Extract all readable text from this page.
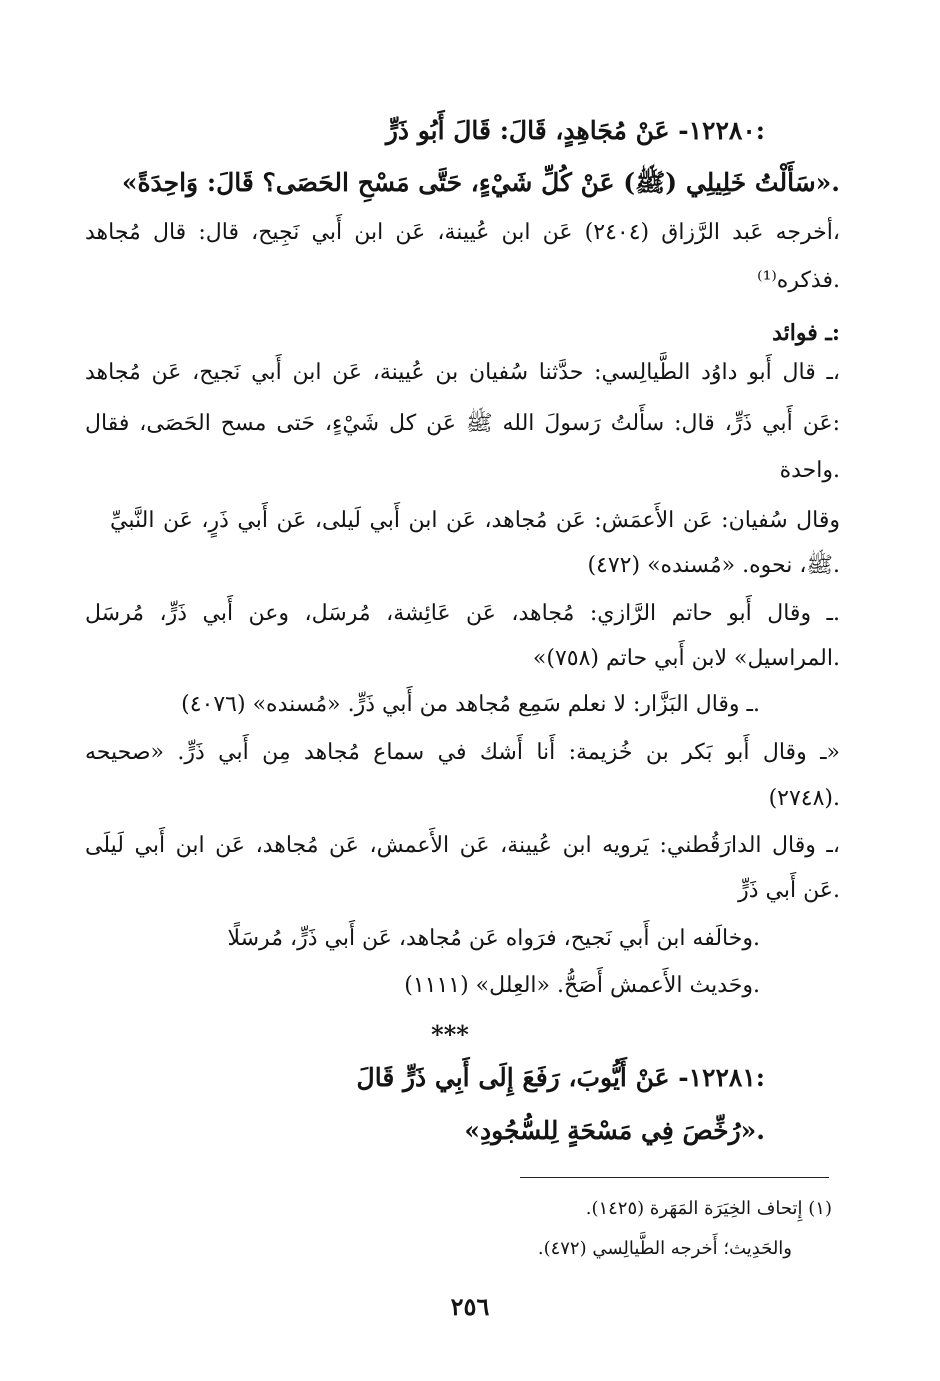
١٢٢٨٠- عَنْ مُجَاهِدٍ، قَالَ: قَالَ أَبُو ذَرٍّ:
«سَأَلْتُ خَلِيلِي (ﷺ) عَنْ كُلِّ شَيْءٍ، حَتَّى مَسْحِ الحَصَى؟ قَالَ: وَاحِدَةً».
أخرجه عَبد الرَّزاق (٢٤٠٤) عَن ابن عُيينة، عَن ابن أَبي نَجِيح، قال: قال مُجاهد،
فذكره⁽¹⁾.
ـ فوائد:
ـ قال أَبو داوُد الطَّيالِسي: حدَّثنا سُفيان بن عُيينة، عَن ابن أَبي نَجيح، عَن مُجاهد،
عَن أَبي ذَرٍّ، قال: سأَلتُ رَسولَ الله ﷺ عَن كل شَيْءٍ، حَتى مسح الحَصَى، فقال:
واحدة.
وقال سُفيان: عَن الأَعمَش: عَن مُجاهد، عَن ابن أَبي لَيلى، عَن أَبي ذَرٍ، عَن النَّبيِّ
ﷺ، نحوه. «مُسنده» (٤٧٢).
ـ وقال أَبو حاتم الرَّازي: مُجاهد، عَن عَائِشة، مُرسَل، وعن أَبي ذَرٍّ، مُرسَل.
«المراسيل» لابن أَبي حاتم (٧٥٨).
ـ وقال البَزَّار: لا نعلم سَمِع مُجاهد من أَبي ذَرٍّ. «مُسنده» (٤٠٧٦).
ـ وقال أَبو بَكر بن خُزيمة: أَنا أَشك في سماع مُجاهد مِن أَبي ذَرٍّ. «صحيحه»
(٢٧٤٨).
ـ وقال الدارَقُطني: يَرويه ابن عُيينة، عَن الأَعمش، عَن مُجاهد، عَن ابن أَبي لَيلَى،
عَن أَبي ذَرٍّ.
وخالَفه ابن أَبي نَجيح، فرَواه عَن مُجاهد، عَن أَبي ذَرٍّ، مُرسَلًا.
وحَديث الأَعمش أَصَحُّ. «العِلل» (١١١١).
***
١٢٢٨١- عَنْ أَيُّوبَ، رَفَعَ إِلَى أَبِي ذَرٍّ قَالَ:
«رُخِّصَ فِي مَسْحَةٍ لِلسُّجُودِ».
(١) إِتحاف الخِيَرَة المَهَرة (١٤٢٥).
والحَدِيث؛ أَخرجه الطَّيالِسي (٤٧٢).
٢٥٦
